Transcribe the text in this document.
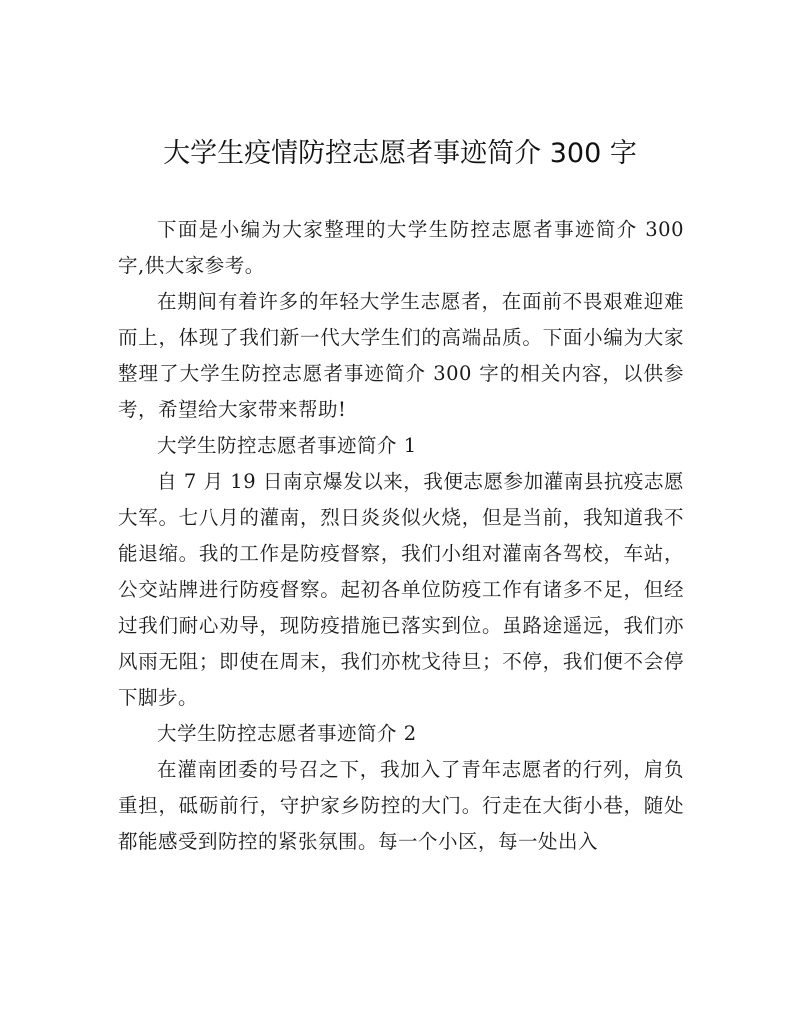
大学生疫情防控志愿者事迹简介 300 字

下面是小编为大家整理的大学生防控志愿者事迹简介 300 字,供大家参考。

在期间有着许多的年轻大学生志愿者，在面前不畏艰难迎难而上，体现了我们新一代大学生们的高端品质。下面小编为大家整理了大学生防控志愿者事迹简介 300 字的相关内容，以供参考，希望给大家带来帮助!

大学生防控志愿者事迹简介 1

自 7 月 19 日南京爆发以来，我便志愿参加灌南县抗疫志愿大军。七八月的灌南，烈日炎炎似火烧，但是当前，我知道我不能退缩。我的工作是防疫督察，我们小组对灌南各驾校，车站，公交站牌进行防疫督察。起初各单位防疫工作有诸多不足，但经过我们耐心劝导，现防疫措施已落实到位。虽路途遥远，我们亦风雨无阻；即使在周末，我们亦枕戈待旦；不停，我们便不会停下脚步。

大学生防控志愿者事迹简介 2

在灌南团委的号召之下，我加入了青年志愿者的行列，肩负重担，砥砺前行，守护家乡防控的大门。行走在大街小巷，随处都能感受到防控的紧张氛围。每一个小区，每一处出入
